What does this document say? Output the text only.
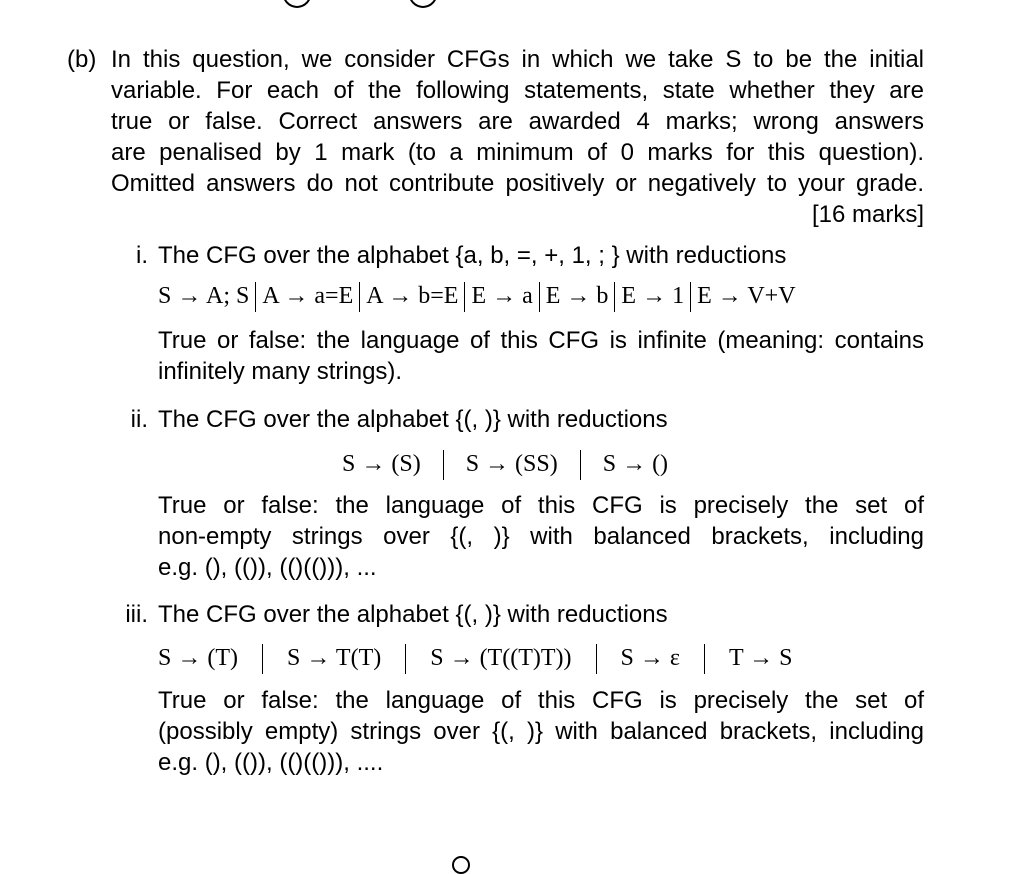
(b) In this question, we consider CFGs in which we take S to be the initial
variable. For each of the following statements, state whether they are
true or false. Correct answers are awarded 4 marks; wrong answers
are penalised by 1 mark (to a minimum of 0 marks for this question).
Omitted answers do not contribute positively or negatively to your grade.
[16 marks]
i. The CFG over the alphabet {a, b, =, +, 1, ; } with reductions
S → A; S A → a=E A → b=E E → a E → b E → 1 E → V+V
True or false: the language of this CFG is infinite (meaning: contains
infinitely many strings).
ii. The CFG over the alphabet {(, )} with reductions
S → (S) S → (SS) S → ()
True or false: the language of this CFG is precisely the set of
non-empty strings over {(, )} with balanced brackets, including
e.g. (), (()), (()(())), ...
iii. The CFG over the alphabet {(, )} with reductions
S → (T) S → T(T) S → (T((T)T)) S → ε T → S
True or false: the language of this CFG is precisely the set of
(possibly empty) strings over {(, )} with balanced brackets, including
e.g. (), (()), (()(())), ....
